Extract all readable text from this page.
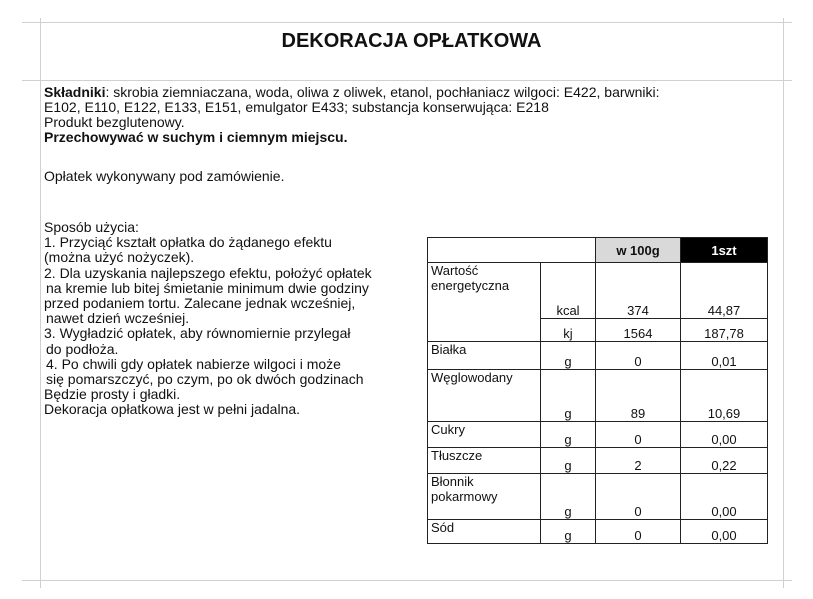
DEKORACJA OPŁATKOWA
Składniki: skrobia ziemniaczana, woda, oliwa z oliwek, etanol, pochłaniacz wilgoci: E422, barwniki:
E102, E110, E122, E133, E151, emulgator E433; substancja konserwująca: E218
Produkt bezglutenowy.
Przechowywać w suchym i ciemnym miejscu.
Opłatek wykonywany pod zamówienie.
Sposób użycia:
1. Przyciąć kształt opłatka do żądanego efektu
(można użyć nożyczek).
2. Dla uzyskania najlepszego efektu, położyć opłatek
na kremie lub bitej śmietanie minimum dwie godziny
przed podaniem tortu. Zalecane jednak wcześniej,
nawet dzień wcześniej.
3. Wygładzić opłatek, aby równomiernie przylegał
do podłoża.
4. Po chwili gdy opłatek nabierze wilgoci i może
się pomarszczyć, po czym, po ok dwóch godzinach
Będzie prosty i gładki.
Dekoracja opłatkowa jest w pełni jadalna.
		w 100g	1szt
Wartość energetyczna	kcal	374	44,87
	kj	1564	187,78
Białka	g	0	0,01
Węglowodany	g	89	10,69
Cukry	g	0	0,00
Tłuszcze	g	2	0,22
Błonnik pokarmowy	g	0	0,00
Sód	g	0	0,00
